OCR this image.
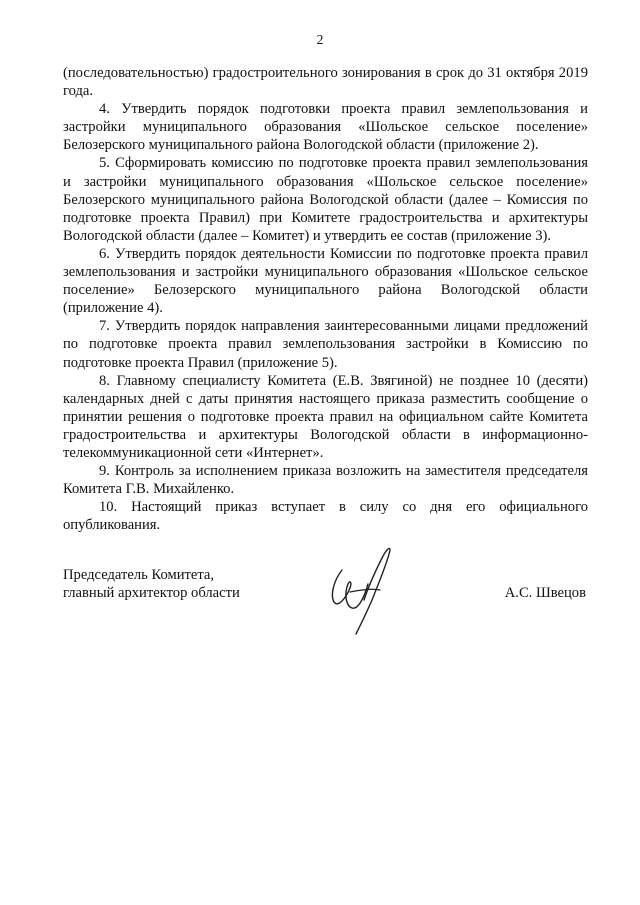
2

(последовательностью) градостроительного зонирования в срок до 31 октября 2019 года.

4. Утвердить порядок подготовки проекта правил землепользования и застройки муниципального образования «Шольское сельское поселение» Белозерского муниципального района Вологодской области (приложение 2).

5. Сформировать комиссию по подготовке проекта правил землепользования и застройки муниципального образования «Шольское сельское поселение» Белозерского муниципального района Вологодской области (далее – Комиссия по подготовке проекта Правил) при Комитете градостроительства и архитектуры Вологодской области (далее – Комитет) и утвердить ее состав (приложение 3).

6. Утвердить порядок деятельности Комиссии по подготовке проекта правил землепользования и застройки муниципального образования «Шольское сельское поселение» Белозерского муниципального района Вологодской области (приложение 4).

7. Утвердить порядок направления заинтересованными лицами предложений по подготовке проекта правил землепользования застройки в Комиссию по подготовке проекта Правил (приложение 5).

8. Главному специалисту Комитета (Е.В. Звягиной) не позднее 10 (десяти) календарных дней с даты принятия настоящего приказа разместить сообщение о принятии решения о подготовке проекта правил на официальном сайте Комитета градостроительства и архитектуры Вологодской области в информационно-телекоммуникационной сети «Интернет».

9. Контроль за исполнением приказа возложить на заместителя председателя Комитета Г.В. Михайленко.

10. Настоящий приказ вступает в силу со дня его официального опубликования.

Председатель Комитета,
главный архитектор области	А.С. Швецов
